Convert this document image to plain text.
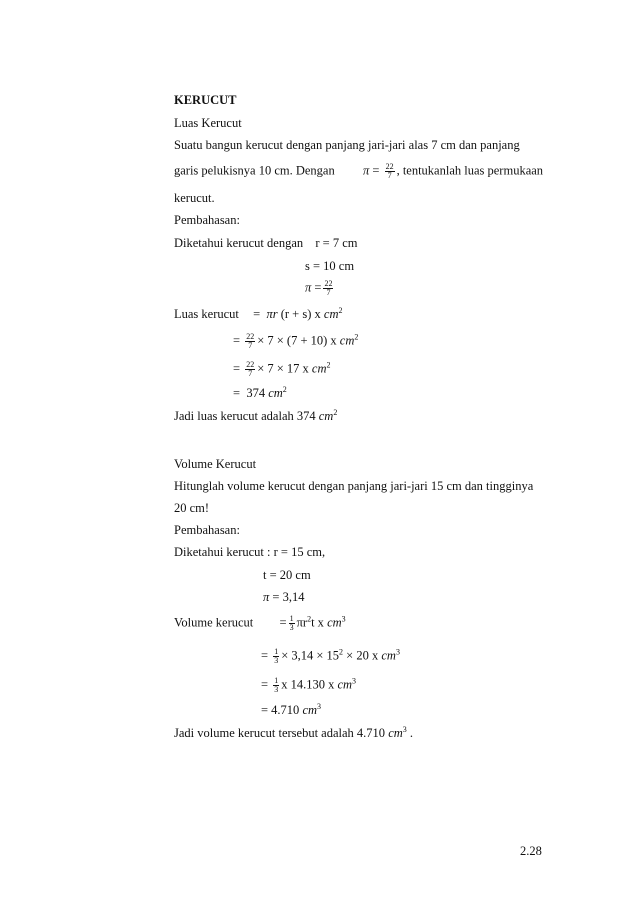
KERUCUT
Luas Kerucut
Suatu bangun kerucut dengan panjang jari-jari alas 7 cm dan panjang
garis pelukisnya 10 cm. Dengan $\pi = \frac{22}{7}$ , tentukanlah luas permukaan
kerucut.
Pembahasan:
Diketahui kerucut dengan r = 7 cm
s = 10 cm
$\pi = \frac{22}{7}$
Luas kerucut = πr (r + s) x $cm^2$
= $\frac{22}{7} \times 7 \times (7 + 10)$ x $cm^2$
= $\frac{22}{7} \times 7 \times 17$ x $cm^2$
= 374 $cm^2$
Jadi luas kerucut adalah 374 $cm^2$
Volume Kerucut
Hitunglah volume kerucut dengan panjang jari-jari 15 cm dan tingginya
20 cm!
Pembahasan:
Diketahui kerucut : r = 15 cm,
t = 20 cm
π = 3,14
Volume kerucut = $\frac{1}{3} \pi r^2t$ x $cm^3$
= $\frac{1}{3} \times 3,14 \times 15^2 \times 20$ x $cm^3$
= $\frac{1}{3}$ x 14.130 x $cm^3$
= 4.710 $cm^3$
Jadi volume kerucut tersebut adalah 4.710 $cm^3$ .
2.28
